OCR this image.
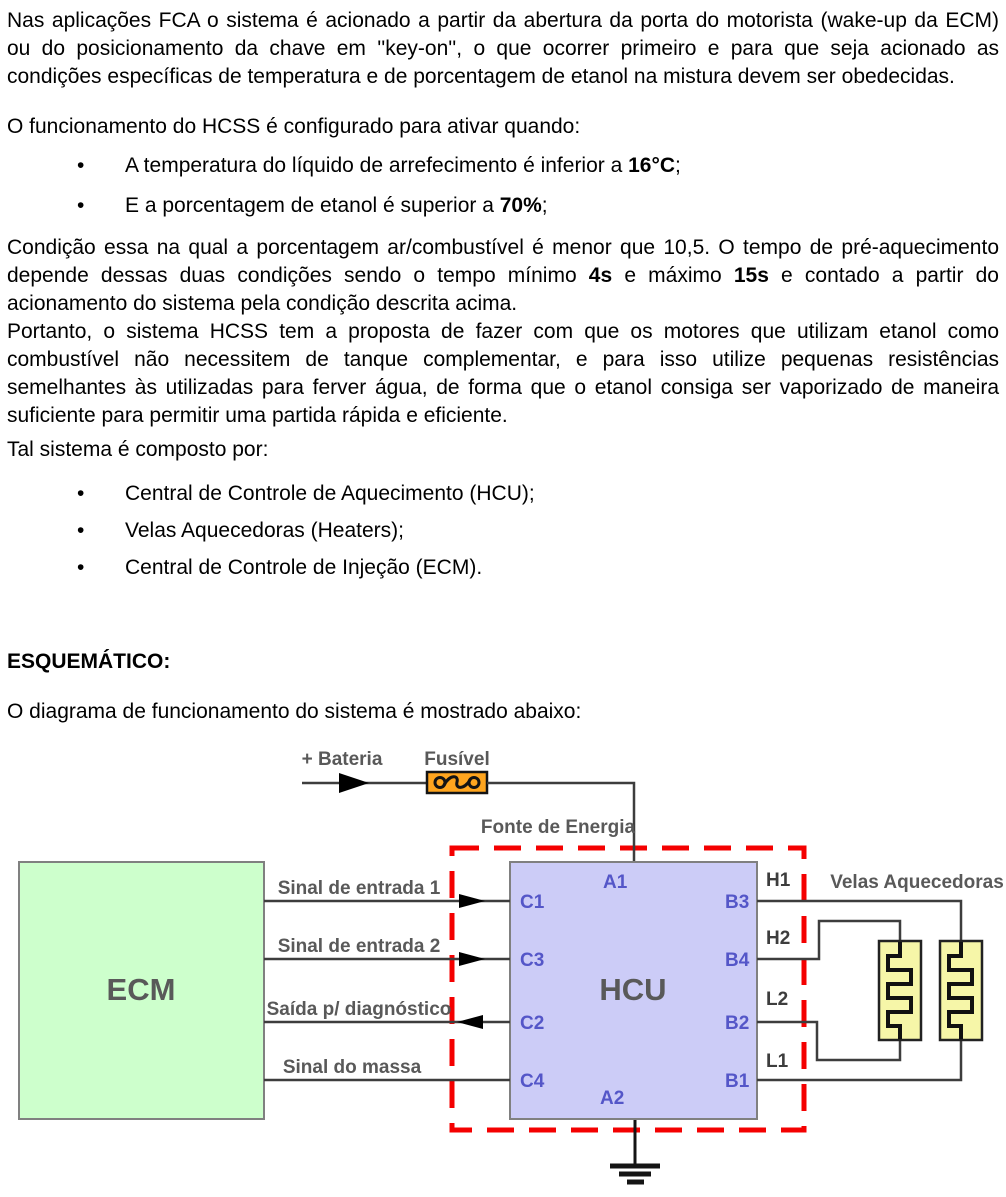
Nas aplicações FCA o sistema é acionado a partir da abertura da porta do motorista (wake-up da ECM) ou do posicionamento da chave em ''key-on'', o que ocorrer primeiro e para que seja acionado as condições específicas de temperatura e de porcentagem de etanol na mistura devem ser obedecidas.

O funcionamento do HCSS é configurado para ativar quando:

• A temperatura do líquido de arrefecimento é inferior a 16°C;
• E a porcentagem de etanol é superior a 70%;

Condição essa na qual a porcentagem ar/combustível é menor que 10,5. O tempo de pré-aquecimento depende dessas duas condições sendo o tempo mínimo 4s e máximo 15s e contado a partir do acionamento do sistema pela condição descrita acima.

Portanto, o sistema HCSS tem a proposta de fazer com que os motores que utilizam etanol como combustível não necessitem de tanque complementar, e para isso utilize pequenas resistências semelhantes às utilizadas para ferver água, de forma que o etanol consiga ser vaporizado de maneira suficiente para permitir uma partida rápida e eficiente.

Tal sistema é composto por:

• Central de Controle de Aquecimento (HCU);
• Velas Aquecedoras (Heaters);
• Central de Controle de Injeção (ECM).

ESQUEMÁTICO:

O diagrama de funcionamento do sistema é mostrado abaixo:

+ Bateria Fusível
Fonte de Energia
ECM	HCU
A1
A2
C1
C3
C2
C4
B3
B4
B2
B1
Sinal de entrada 1
Sinal de entrada 2
Saída p/ diagnóstico
Sinal do massa
H1
H2
L2
L1
Velas Aquecedoras
